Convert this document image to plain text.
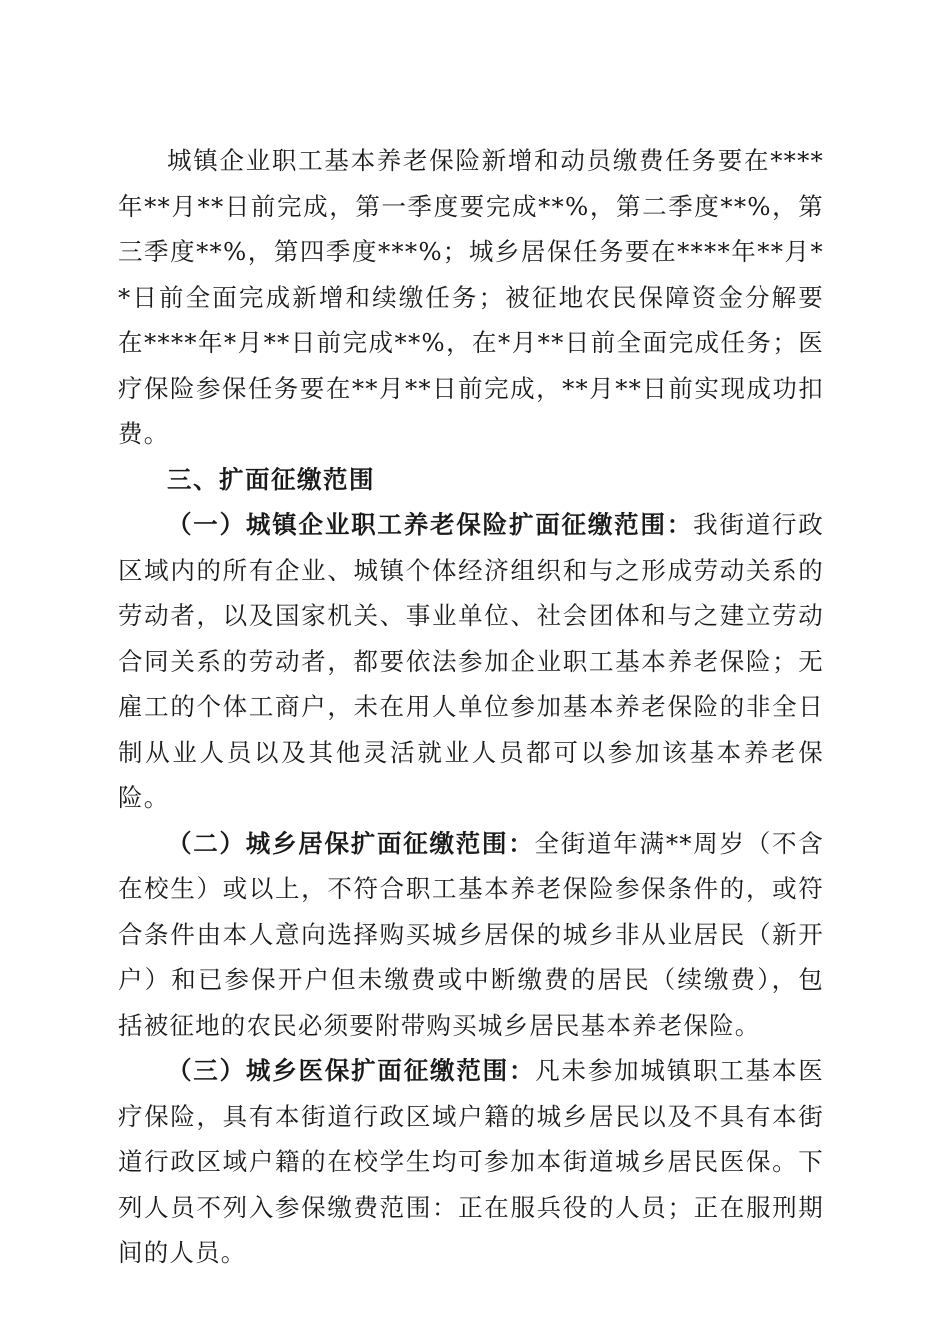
城镇企业职工基本养老保险新增和动员缴费任务要在****年**月**日前完成，第一季度要完成**%，第二季度**%，第三季度**%，第四季度***%；城乡居保任务要在****年**月**日前全面完成新增和续缴任务；被征地农民保障资金分解要在****年*月**日前完成**%，在*月**日前全面完成任务；医疗保险参保任务要在**月**日前完成，**月**日前实现成功扣费。

三、扩面征缴范围

（一）城镇企业职工养老保险扩面征缴范围：我街道行政区域内的所有企业、城镇个体经济组织和与之形成劳动关系的劳动者，以及国家机关、事业单位、社会团体和与之建立劳动合同关系的劳动者，都要依法参加企业职工基本养老保险；无雇工的个体工商户，未在用人单位参加基本养老保险的非全日制从业人员以及其他灵活就业人员都可以参加该基本养老保险。

（二）城乡居保扩面征缴范围：全街道年满**周岁（不含在校生）或以上，不符合职工基本养老保险参保条件的，或符合条件由本人意向选择购买城乡居保的城乡非从业居民（新开户）和已参保开户但未缴费或中断缴费的居民（续缴费），包括被征地的农民必须要附带购买城乡居民基本养老保险。

（三）城乡医保扩面征缴范围：凡未参加城镇职工基本医疗保险，具有本街道行政区域户籍的城乡居民以及不具有本街道行政区域户籍的在校学生均可参加本街道城乡居民医保。下列人员不列入参保缴费范围：正在服兵役的人员；正在服刑期间的人员。
